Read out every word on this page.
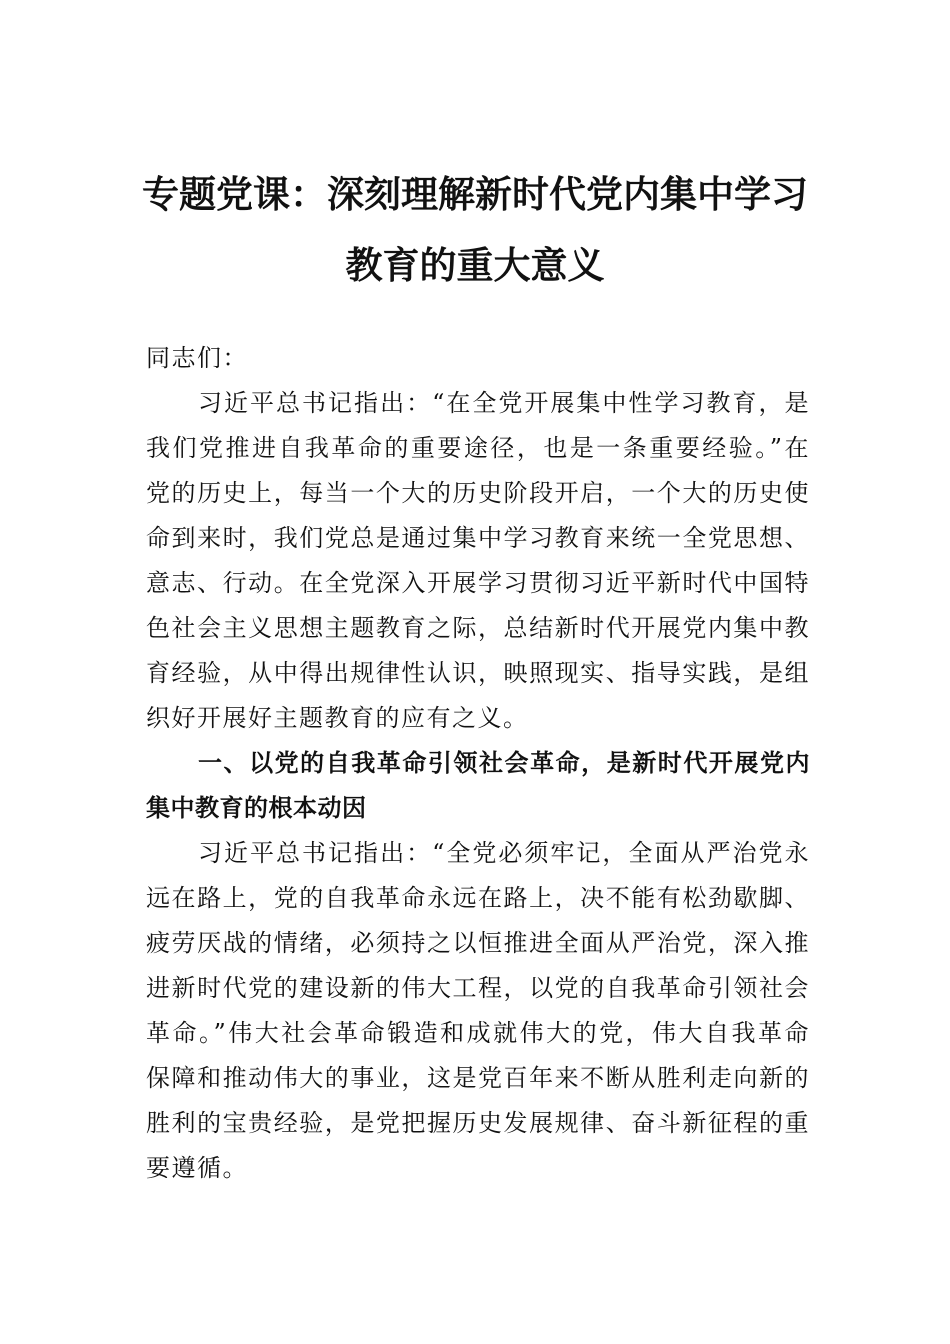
专题党课：深刻理解新时代党内集中学习
教育的重大意义

同志们：

习近平总书记指出：“在全党开展集中性学习教育，是我们党推进自我革命的重要途径，也是一条重要经验。”在党的历史上，每当一个大的历史阶段开启，一个大的历史使命到来时，我们党总是通过集中学习教育来统一全党思想、意志、行动。在全党深入开展学习贯彻习近平新时代中国特色社会主义思想主题教育之际，总结新时代开展党内集中教育经验，从中得出规律性认识，映照现实、指导实践，是组织好开展好主题教育的应有之义。

一、以党的自我革命引领社会革命，是新时代开展党内集中教育的根本动因

习近平总书记指出：“全党必须牢记，全面从严治党永远在路上，党的自我革命永远在路上，决不能有松劲歇脚、疲劳厌战的情绪，必须持之以恒推进全面从严治党，深入推进新时代党的建设新的伟大工程，以党的自我革命引领社会革命。”伟大社会革命锻造和成就伟大的党，伟大自我革命保障和推动伟大的事业，这是党百年来不断从胜利走向新的胜利的宝贵经验，是党把握历史发展规律、奋斗新征程的重要遵循。
